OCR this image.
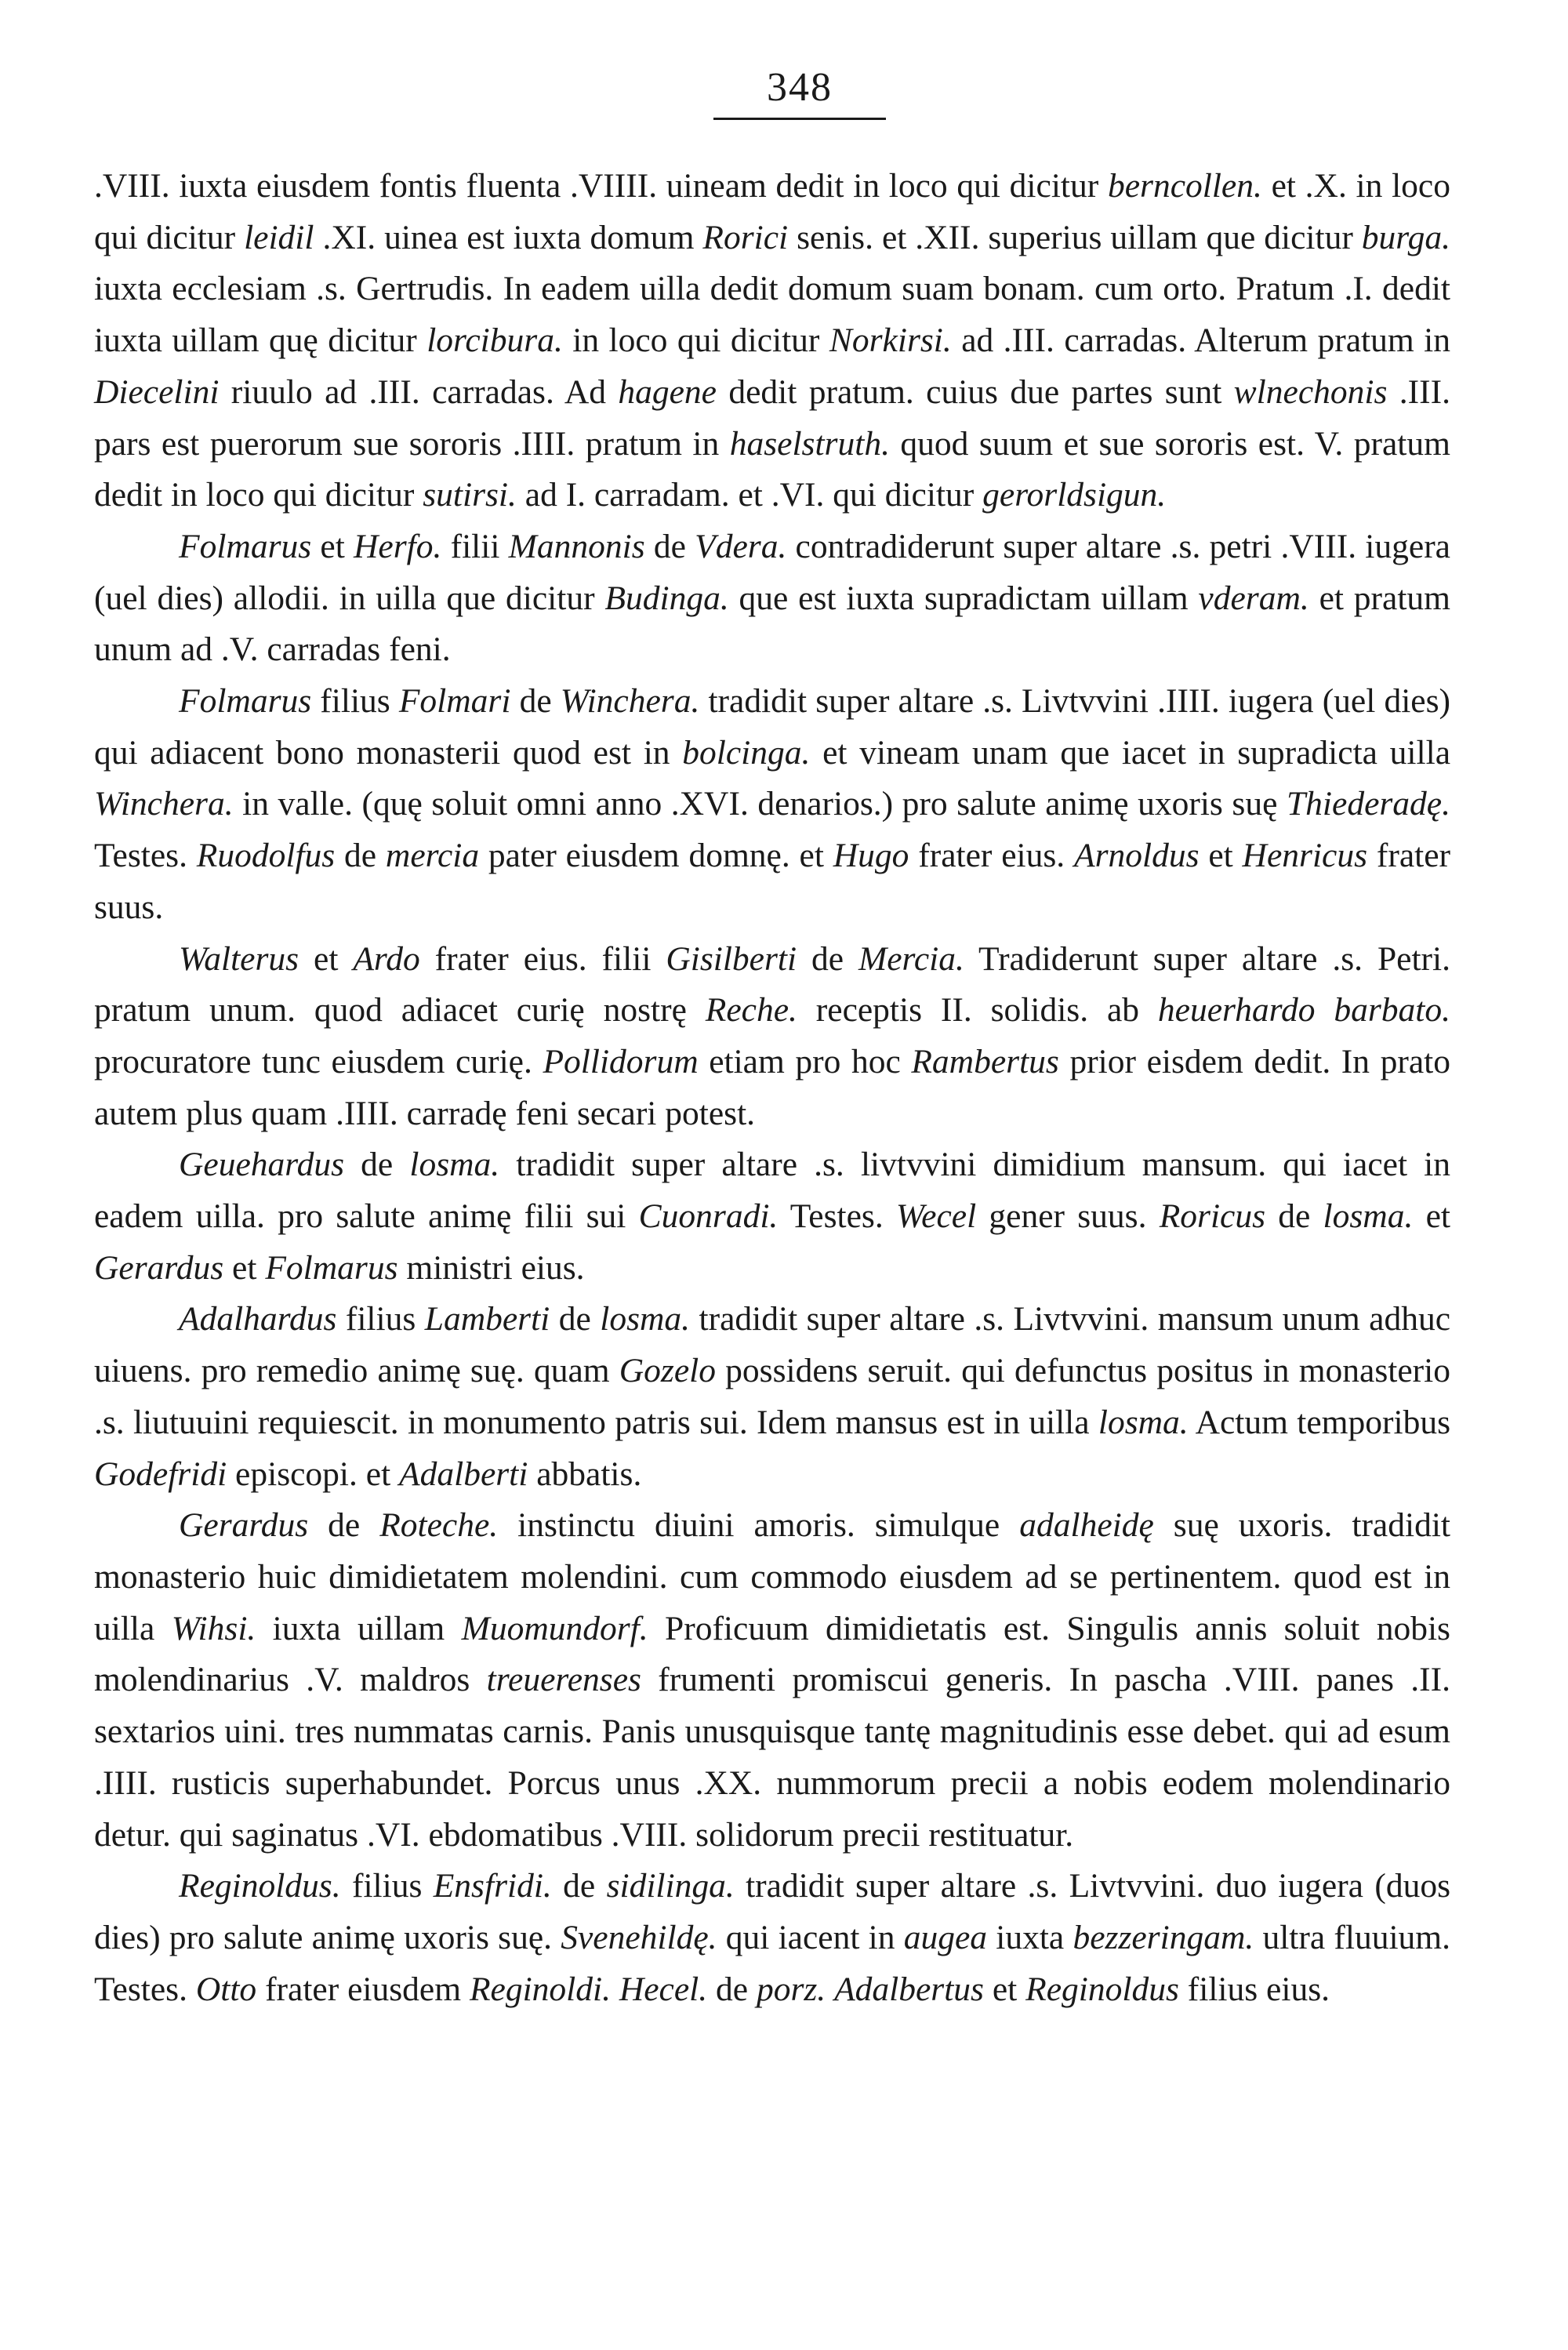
348

.VIII. iuxta eiusdem fontis fluenta .VIIII. uineam dedit in loco qui dicitur berncollen. et .X. in loco qui dicitur leidil .XI. uinea est iuxta domum Rorici senis. et .XII. superius uillam que dicitur burga. iuxta ecclesiam .s. Gertrudis. In eadem uilla dedit domum suam bonam. cum orto. Pratum .I. dedit iuxta uillam quę dicitur lorcibura. in loco qui dicitur Norkirsi. ad .III. carradas. Alterum pratum in Diecelini riuulo ad .III. carradas. Ad hagene dedit pratum. cuius due partes sunt wlnechonis .III. pars est puerorum sue sororis .IIII. pratum in haselstruth. quod suum et sue sororis est. V. pratum dedit in loco qui dicitur sutirsi. ad I. carradam. et .VI. qui dicitur gerorldsigun.

Folmarus et Herfo. filii Mannonis de Vdera. contradiderunt super altare .s. petri .VIII. iugera (uel dies) allodii. in uilla que dicitur Budinga. que est iuxta supradictam uillam vderam. et pratum unum ad .V. carradas feni.

Folmarus filius Folmari de Winchera. tradidit super altare .s. Livtvvini .IIII. iugera (uel dies) qui adiacent bono monasterii quod est in bolcinga. et vineam unam que iacet in supradicta uilla Winchera. in valle. (quę soluit omni anno .XVI. denarios.) pro salute animę uxoris suę Thiederadę. Testes. Ruodolfus de mercia pater eiusdem domnę. et Hugo frater eius. Arnoldus et Henricus frater suus.

Walterus et Ardo frater eius. filii Gisilberti de Mercia. Tradiderunt super altare .s. Petri. pratum unum. quod adiacet curię nostrę Reche. receptis II. solidis. ab heuerhardo barbato. procuratore tunc eiusdem curię. Pollidorum etiam pro hoc Rambertus prior eisdem dedit. In prato autem plus quam .IIII. carradę feni secari potest.

Geuehardus de losma. tradidit super altare .s. livtvvini dimidium mansum. qui iacet in eadem uilla. pro salute animę filii sui Cuonradi. Testes. Wecel gener suus. Roricus de losma. et Gerardus et Folmarus ministri eius.

Adalhardus filius Lamberti de losma. tradidit super altare .s. Livtvvini. mansum unum adhuc uiuens. pro remedio animę suę. quam Gozelo possidens seruit. qui defunctus positus in monasterio .s. liutuuini requiescit. in monumento patris sui. Idem mansus est in uilla losma. Actum temporibus Godefridi episcopi. et Adalberti abbatis.

Gerardus de Roteche. instinctu diuini amoris. simulque adalheidę suę uxoris. tradidit monasterio huic dimidietatem molendini. cum commodo eiusdem ad se pertinentem. quod est in uilla Wihsi. iuxta uillam Muomundorf. Proficuum dimidietatis est. Singulis annis soluit nobis molendinarius .V. maldros treuerenses frumenti promiscui generis. In pascha .VIII. panes .II. sextarios uini. tres nummatas carnis. Panis unusquisque tantę magnitudinis esse debet. qui ad esum .IIII. rusticis superhabundet. Porcus unus .XX. nummorum precii a nobis eodem molendinario detur. qui saginatus .VI. ebdomatibus .VIII. solidorum precii restituatur.

Reginoldus. filius Ensfridi. de sidilinga. tradidit super altare .s. Livtvvini. duo iugera (duos dies) pro salute animę uxoris suę. Svenehildę. qui iacent in augea iuxta bezzeringam. ultra fluuium. Testes. Otto frater eiusdem Reginoldi. Hecel. de porz. Adalbertus et Reginoldus filius eius.
